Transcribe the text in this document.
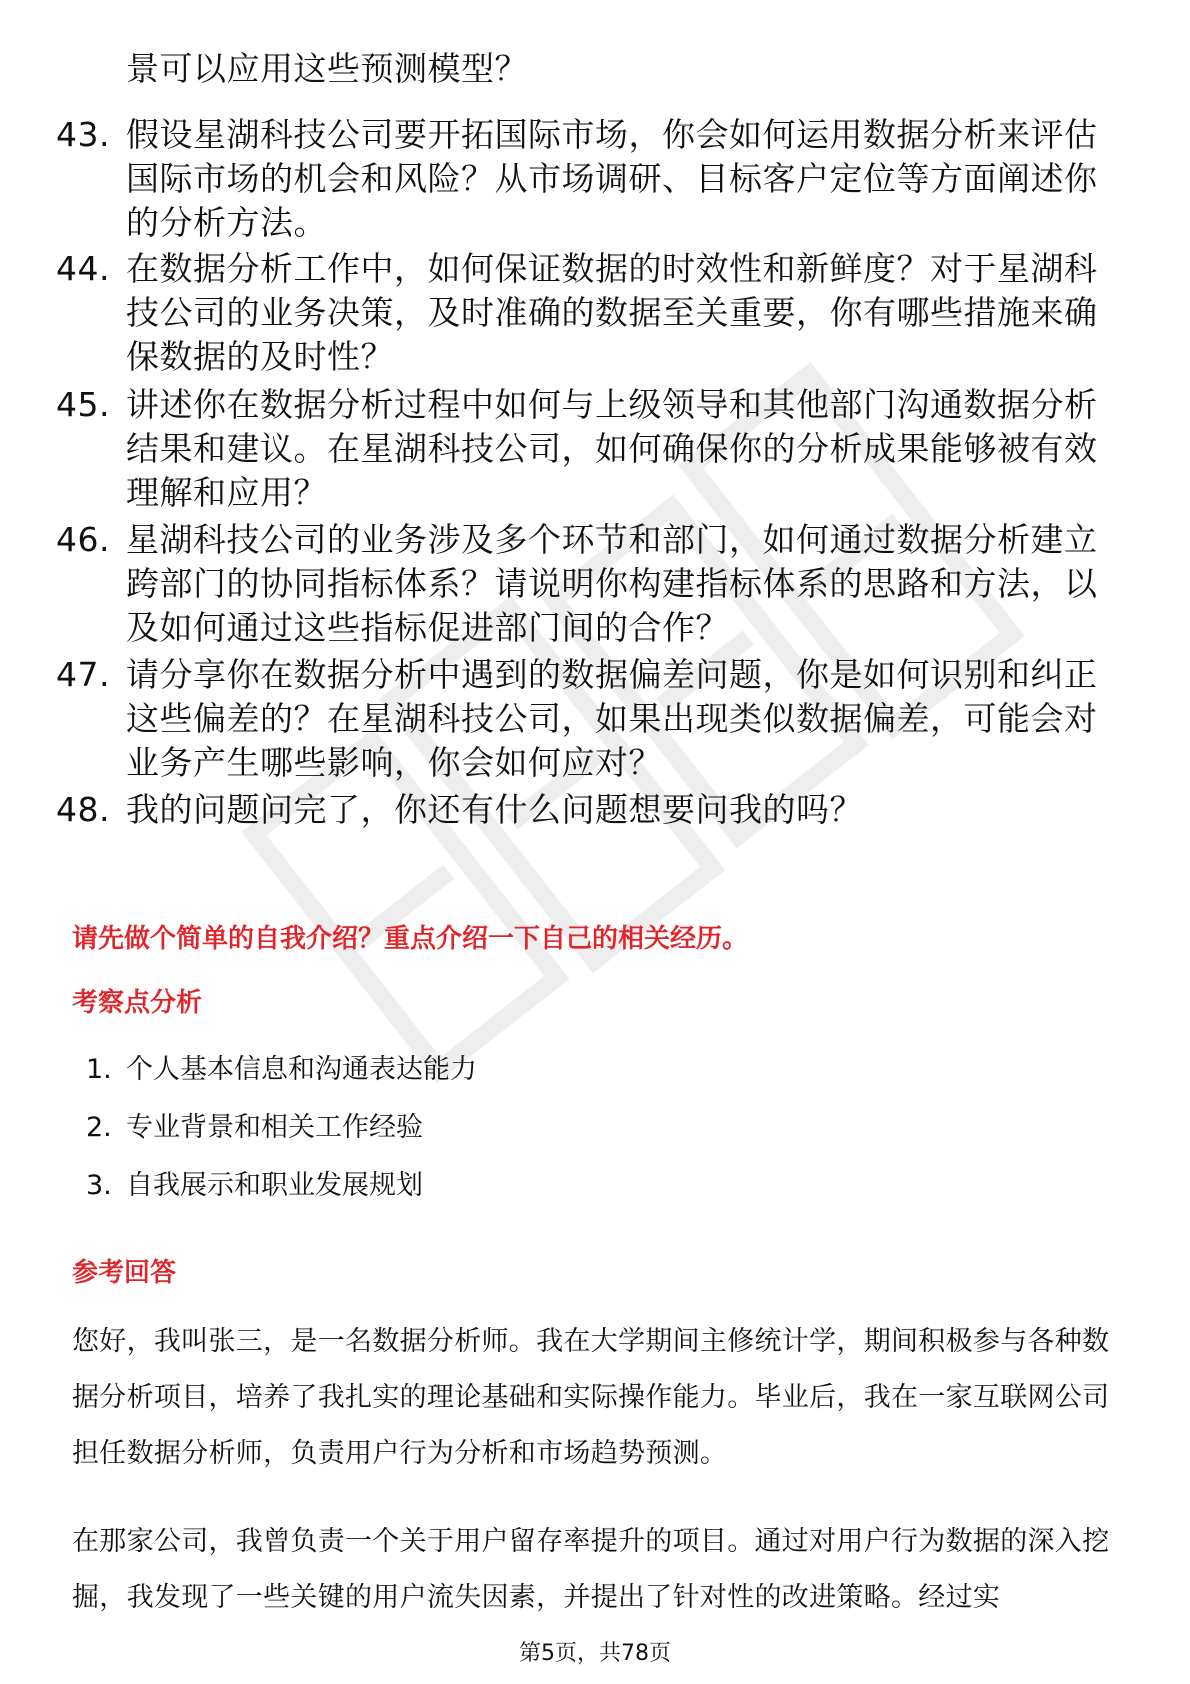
景可以应用这些预测模型？
43. 假设星湖科技公司要开拓国际市场，你会如何运用数据分析来评估国际市场的机会和风险？从市场调研、目标客户定位等方面阐述你的分析方法。
44. 在数据分析工作中，如何保证数据的时效性和新鲜度？对于星湖科技公司的业务决策，及时准确的数据至关重要，你有哪些措施来确保数据的及时性？
45. 讲述你在数据分析过程中如何与上级领导和其他部门沟通数据分析结果和建议。在星湖科技公司，如何确保你的分析成果能够被有效理解和应用？
46. 星湖科技公司的业务涉及多个环节和部门，如何通过数据分析建立跨部门的协同指标体系？请说明你构建指标体系的思路和方法，以及如何通过这些指标促进部门间的合作？
47. 请分享你在数据分析中遇到的数据偏差问题，你是如何识别和纠正这些偏差的？在星湖科技公司，如果出现类似数据偏差，可能会对业务产生哪些影响，你会如何应对？
48. 我的问题问完了，你还有什么问题想要问我的吗？
请先做个简单的自我介绍？重点介绍一下自己的相关经历。
考察点分析
1. 个人基本信息和沟通表达能力
2. 专业背景和相关工作经验
3. 自我展示和职业发展规划
参考回答
您好，我叫张三，是一名数据分析师。我在大学期间主修统计学，期间积极参与各种数据分析项目，培养了我扎实的理论基础和实际操作能力。毕业后，我在一家互联网公司担任数据分析师，负责用户行为分析和市场趋势预测。
在那家公司，我曾负责一个关于用户留存率提升的项目。通过对用户行为数据的深入挖掘，我发现了一些关键的用户流失因素，并提出了针对性的改进策略。经过实
第5页，共78页
